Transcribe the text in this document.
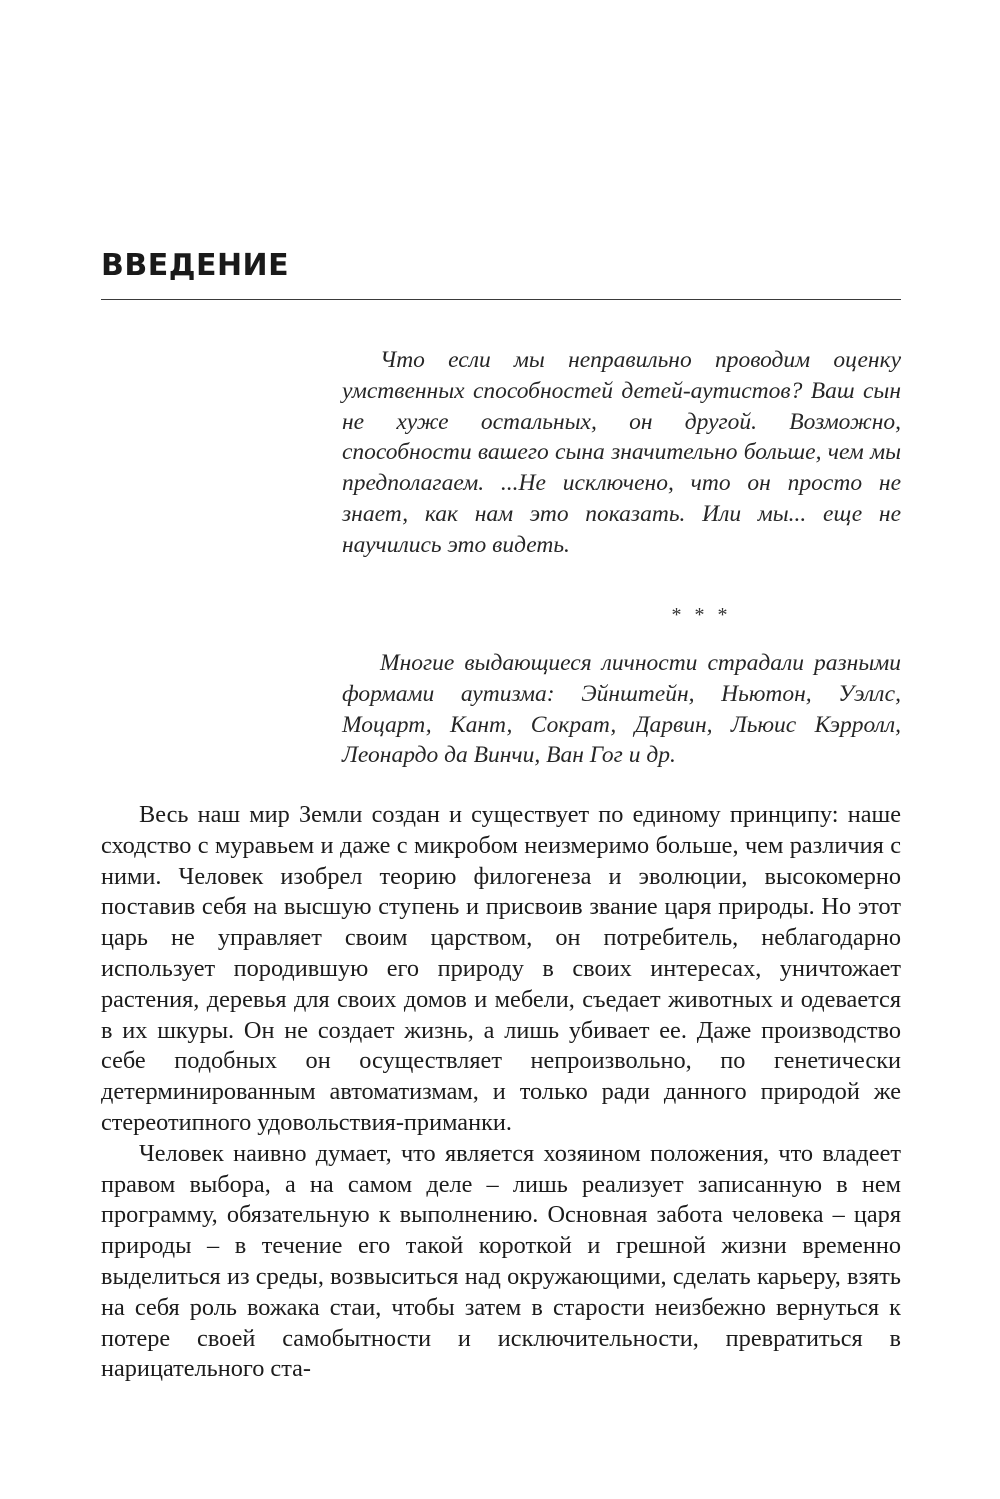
ВВЕДЕНИЕ

Что если мы неправильно проводим оценку умственных способностей детей-аутистов? Ваш сын не хуже остальных, он другой. Возможно, способности вашего сына значительно больше, чем мы предполагаем. ...Не исключено, что он просто не знает, как нам это показать. Или мы... еще не научились это видеть.

* * *

Многие выдающиеся личности страдали разными формами аутизма: Эйнштейн, Ньютон, Уэллс, Моцарт, Кант, Сократ, Дарвин, Льюис Кэрролл, Леонардо да Винчи, Ван Гог и др.

Весь наш мир Земли создан и существует по единому принципу: наше сходство с муравьем и даже с микробом неизмеримо больше, чем различия с ними. Человек изобрел теорию филогенеза и эволюции, высокомерно поставив себя на высшую ступень и присвоив звание царя природы. Но этот царь не управляет своим царством, он потребитель, неблагодарно использует породившую его природу в своих интересах, уничтожает растения, деревья для своих домов и мебели, съедает животных и одевается в их шкуры. Он не создает жизнь, а лишь убивает ее. Даже производство себе подобных он осуществляет непроизвольно, по генетически детерминированным автоматизмам, и только ради данного природой же стереотипного удовольствия-приманки.

Человек наивно думает, что является хозяином положения, что владеет правом выбора, а на самом деле – лишь реализует записанную в нем программу, обязательную к выполнению. Основная забота человека – царя природы – в течение его такой короткой и грешной жизни временно выделиться из среды, возвыситься над окружающими, сделать карьеру, взять на себя роль вожака стаи, чтобы затем в старости неизбежно вернуться к потере своей самобытности и исключительности, превратиться в нарицательного ста-
